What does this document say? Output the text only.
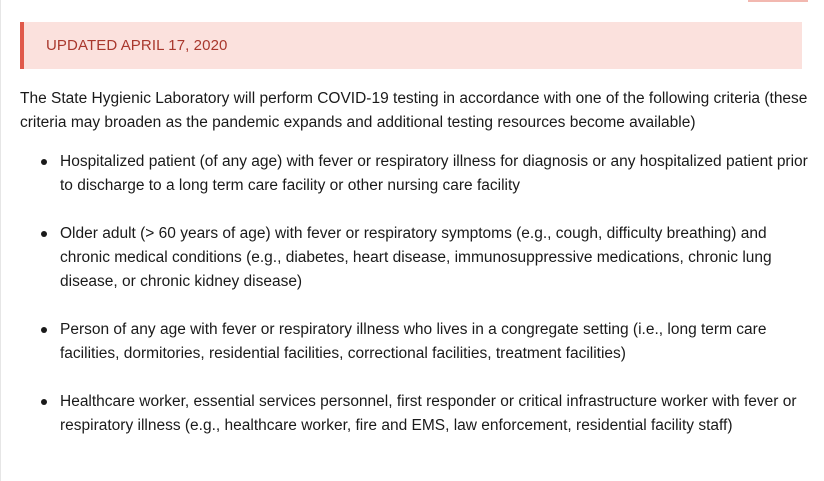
UPDATED APRIL 17, 2020

The State Hygienic Laboratory will perform COVID-19 testing in accordance with one of the following criteria (these criteria may broaden as the pandemic expands and additional testing resources become available)

Hospitalized patient (of any age) with fever or respiratory illness for diagnosis or any hospitalized patient prior to discharge to a long term care facility or other nursing care facility
Older adult (> 60 years of age) with fever or respiratory symptoms (e.g., cough, difficulty breathing) and chronic medical conditions (e.g., diabetes, heart disease, immunosuppressive medications, chronic lung disease, or chronic kidney disease)
Person of any age with fever or respiratory illness who lives in a congregate setting (i.e., long term care facilities, dormitories, residential facilities, correctional facilities, treatment facilities)
Healthcare worker, essential services personnel, first responder or critical infrastructure worker with fever or respiratory illness (e.g., healthcare worker, fire and EMS, law enforcement, residential facility staff)
